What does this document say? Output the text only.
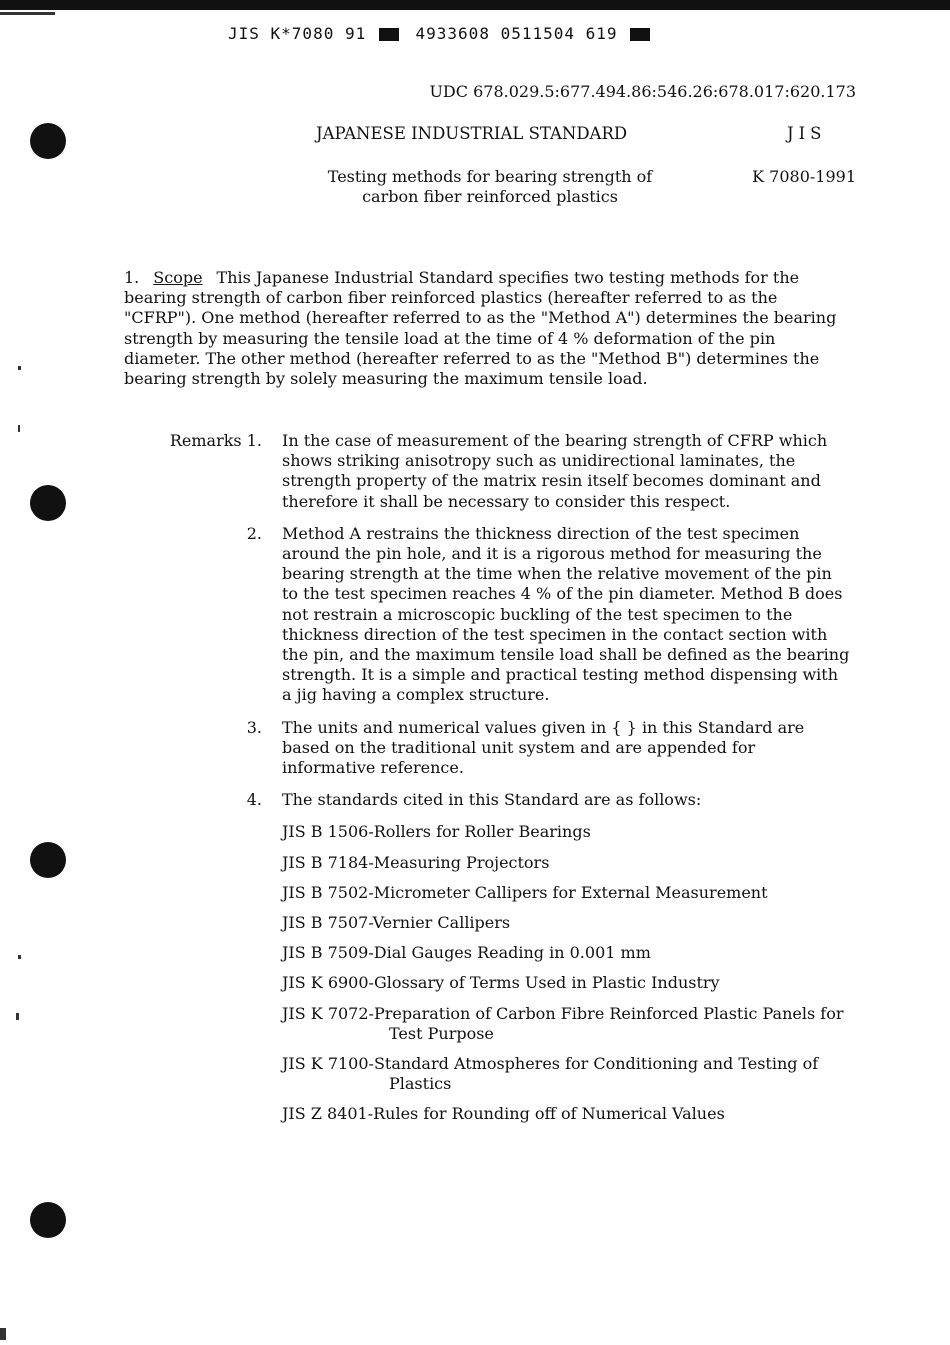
JIS K*7080 91	4933608 0511504 619
UDC 678.029.5:677.494.86:546.26:678.017:620.173
JAPANESE INDUSTRIAL STANDARD	JIS
Testing methods for bearing strength of
carbon fiber reinforced plastics
K 7080-1991
1. Scope This Japanese Industrial Standard specifies two testing methods for the bearing strength of carbon fiber reinforced plastics (hereafter referred to as the "CFRP"). One method (hereafter referred to as the "Method A") determines the bearing strength by measuring the tensile load at the time of 4 % deformation of the pin diameter. The other method (hereafter referred to as the "Method B") determines the bearing strength by solely measuring the maximum tensile load.
Remarks 1. In the case of measurement of the bearing strength of CFRP which shows striking anisotropy such as unidirectional laminates, the strength property of the matrix resin itself becomes dominant and therefore it shall be necessary to consider this respect.
2. Method A restrains the thickness direction of the test specimen around the pin hole, and it is a rigorous method for measuring the bearing strength at the time when the relative movement of the pin to the test specimen reaches 4 % of the pin diameter. Method B does not restrain a microscopic buckling of the test specimen to the thickness direction of the test specimen in the contact section with the pin, and the maximum tensile load shall be defined as the bearing strength. It is a simple and practical testing method dispensing with a jig having a complex structure.
3. The units and numerical values given in { } in this Standard are based on the traditional unit system and are appended for informative reference.
4. The standards cited in this Standard are as follows:
JIS B 1506-Rollers for Roller Bearings
JIS B 7184-Measuring Projectors
JIS B 7502-Micrometer Callipers for External Measurement
JIS B 7507-Vernier Callipers
JIS B 7509-Dial Gauges Reading in 0.001 mm
JIS K 6900-Glossary of Terms Used in Plastic Industry
JIS K 7072-Preparation of Carbon Fibre Reinforced Plastic Panels for Test Purpose
JIS K 7100-Standard Atmospheres for Conditioning and Testing of Plastics
JIS Z 8401-Rules for Rounding off of Numerical Values
